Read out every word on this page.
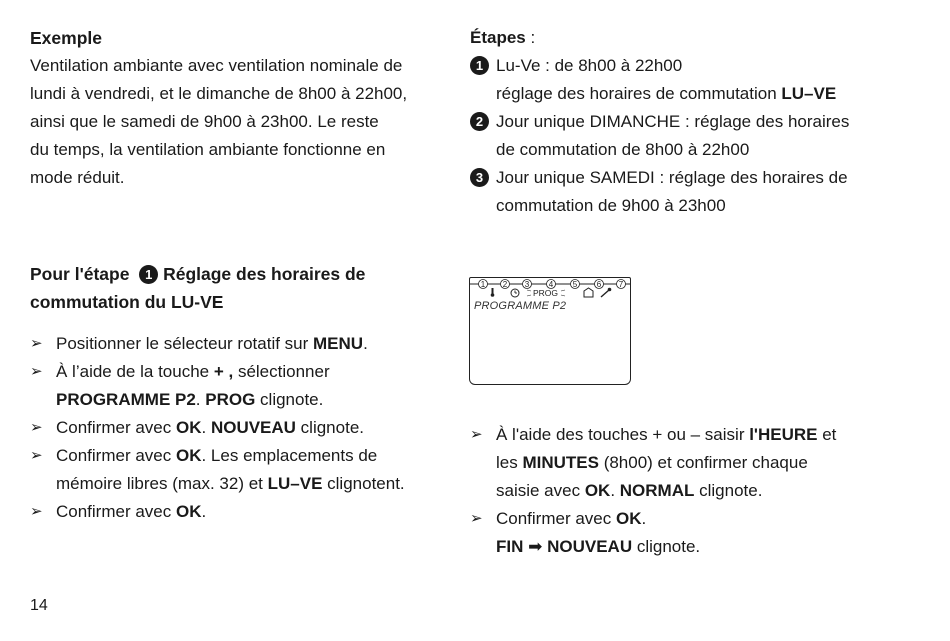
Exemple

Ventilation ambiante avec ventilation nominale de

lundi à vendredi, et le dimanche de 8h00 à 22h00,

ainsi que le samedi de 9h00 à 23h00. Le reste

du temps, la ventilation ambiante fonctionne en

mode réduit.

Pour l'étape 1 Réglage des horaires de

commutation du LU-VE

➢ Positionner le sélecteur rotatif sur MENU.

➢ À l’aide de la touche + , sélectionner

PROGRAMME P2. PROG clignote.

➢ Confirmer avec OK. NOUVEAU clignote.

➢ Confirmer avec OK. Les emplacements de

mémoire libres (max. 32) et LU–VE clignotent.

➢ Confirmer avec OK.

Étapes :

1 Lu-Ve : de 8h00 à 22h00

réglage des horaires de commutation LU–VE

2 Jour unique DIMANCHE : réglage des horaires

de commutation de 8h00 à 22h00

3 Jour unique SAMEDI : réglage des horaires de

commutation de 9h00 à 23h00

1 2 3 4 5 6 7
PROG
PROGRAMME P2

➢ À l'aide des touches + ou – saisir l'HEURE et

les MINUTES (8h00) et confirmer chaque

saisie avec OK. NORMAL clignote.

➢ Confirmer avec OK.

FIN ➡ NOUVEAU clignote.

14
